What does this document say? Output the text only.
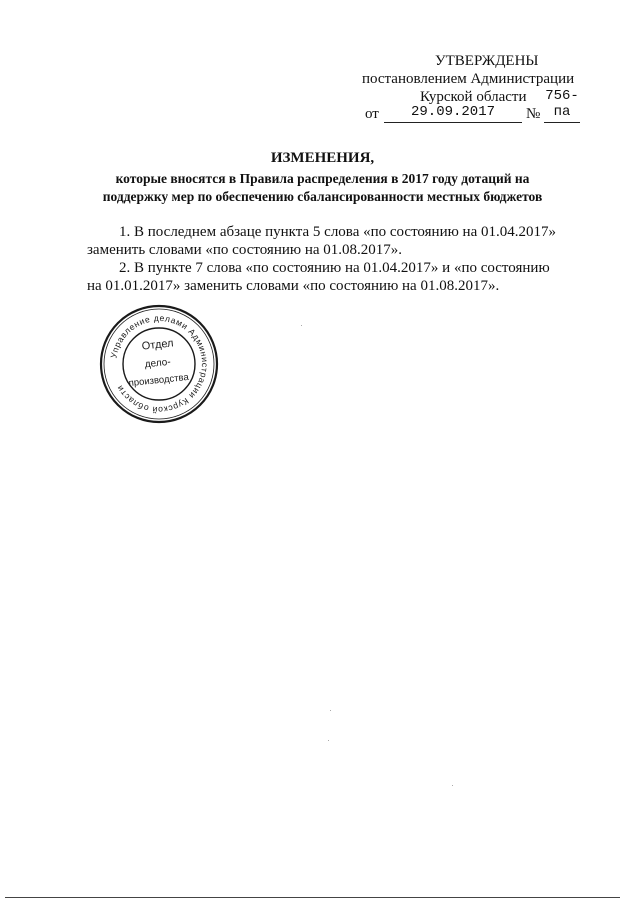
УТВЕРЖДЕНЫ
постановлением Администрации
Курской области
от	29.09.2017	№
756-па
ИЗМЕНЕНИЯ,
которые вносятся в Правила распределения в 2017 году дотаций на
поддержку мер по обеспечению сбалансированности местных бюджетов
1. В последнем абзаце пункта 5 слова «по состоянию на 01.04.2017»
заменить словами «по состоянию на 01.08.2017».
2. В пункте 7 слова «по состоянию на 01.04.2017» и «по состоянию
на 01.01.2017» заменить словами «по состоянию на 01.08.2017».
Управление делами Администрации Курской области
Отдел
дело-
производства
